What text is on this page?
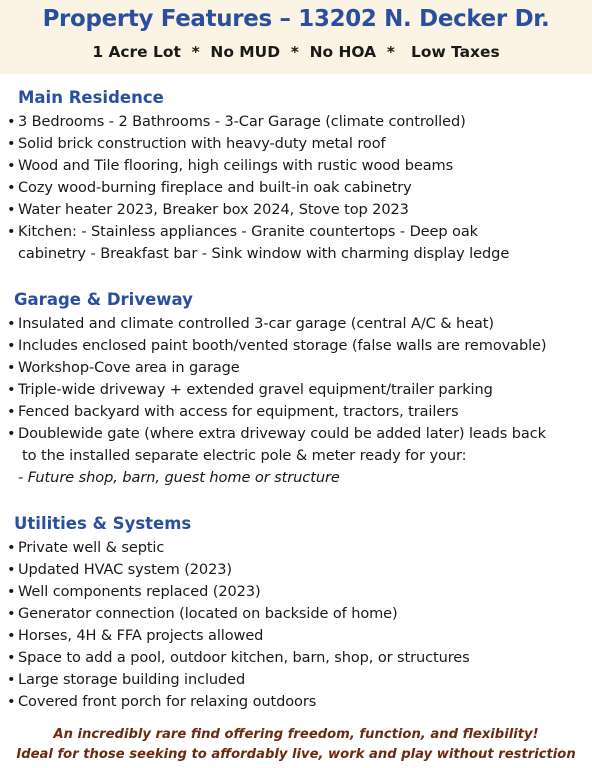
Property Features – 13202 N. Decker Dr.
1 Acre Lot  *  No MUD  *  No HOA  *   Low Taxes
Main Residence
• 3 Bedrooms - 2 Bathrooms - 3-Car Garage (climate controlled)
• Solid brick construction with heavy-duty metal roof
• Wood and Tile flooring, high ceilings with rustic wood beams
• Cozy wood-burning fireplace and built-in oak cabinetry
• Water heater 2023, Breaker box 2024, Stove top 2023
• Kitchen: - Stainless appliances - Granite countertops - Deep oak
cabinetry - Breakfast bar - Sink window with charming display ledge
Garage & Driveway
• Insulated and climate controlled 3-car garage (central A/C & heat)
• Includes enclosed paint booth/vented storage (false walls are removable)
• Workshop-Cove area in garage
• Triple-wide driveway + extended gravel equipment/trailer parking
• Fenced backyard with access for equipment, tractors, trailers
• Doublewide gate (where extra driveway could be added later) leads back
to the installed separate electric pole & meter ready for your:
- Future shop, barn, guest home or structure
Utilities & Systems
• Private well & septic
• Updated HVAC system (2023)
• Well components replaced (2023)
• Generator connection (located on backside of home)
• Horses, 4H & FFA projects allowed
• Space to add a pool, outdoor kitchen, barn, shop, or structures
• Large storage building included
• Covered front porch for relaxing outdoors
An incredibly rare find offering freedom, function, and flexibility!
Ideal for those seeking to affordably live, work and play without restriction
